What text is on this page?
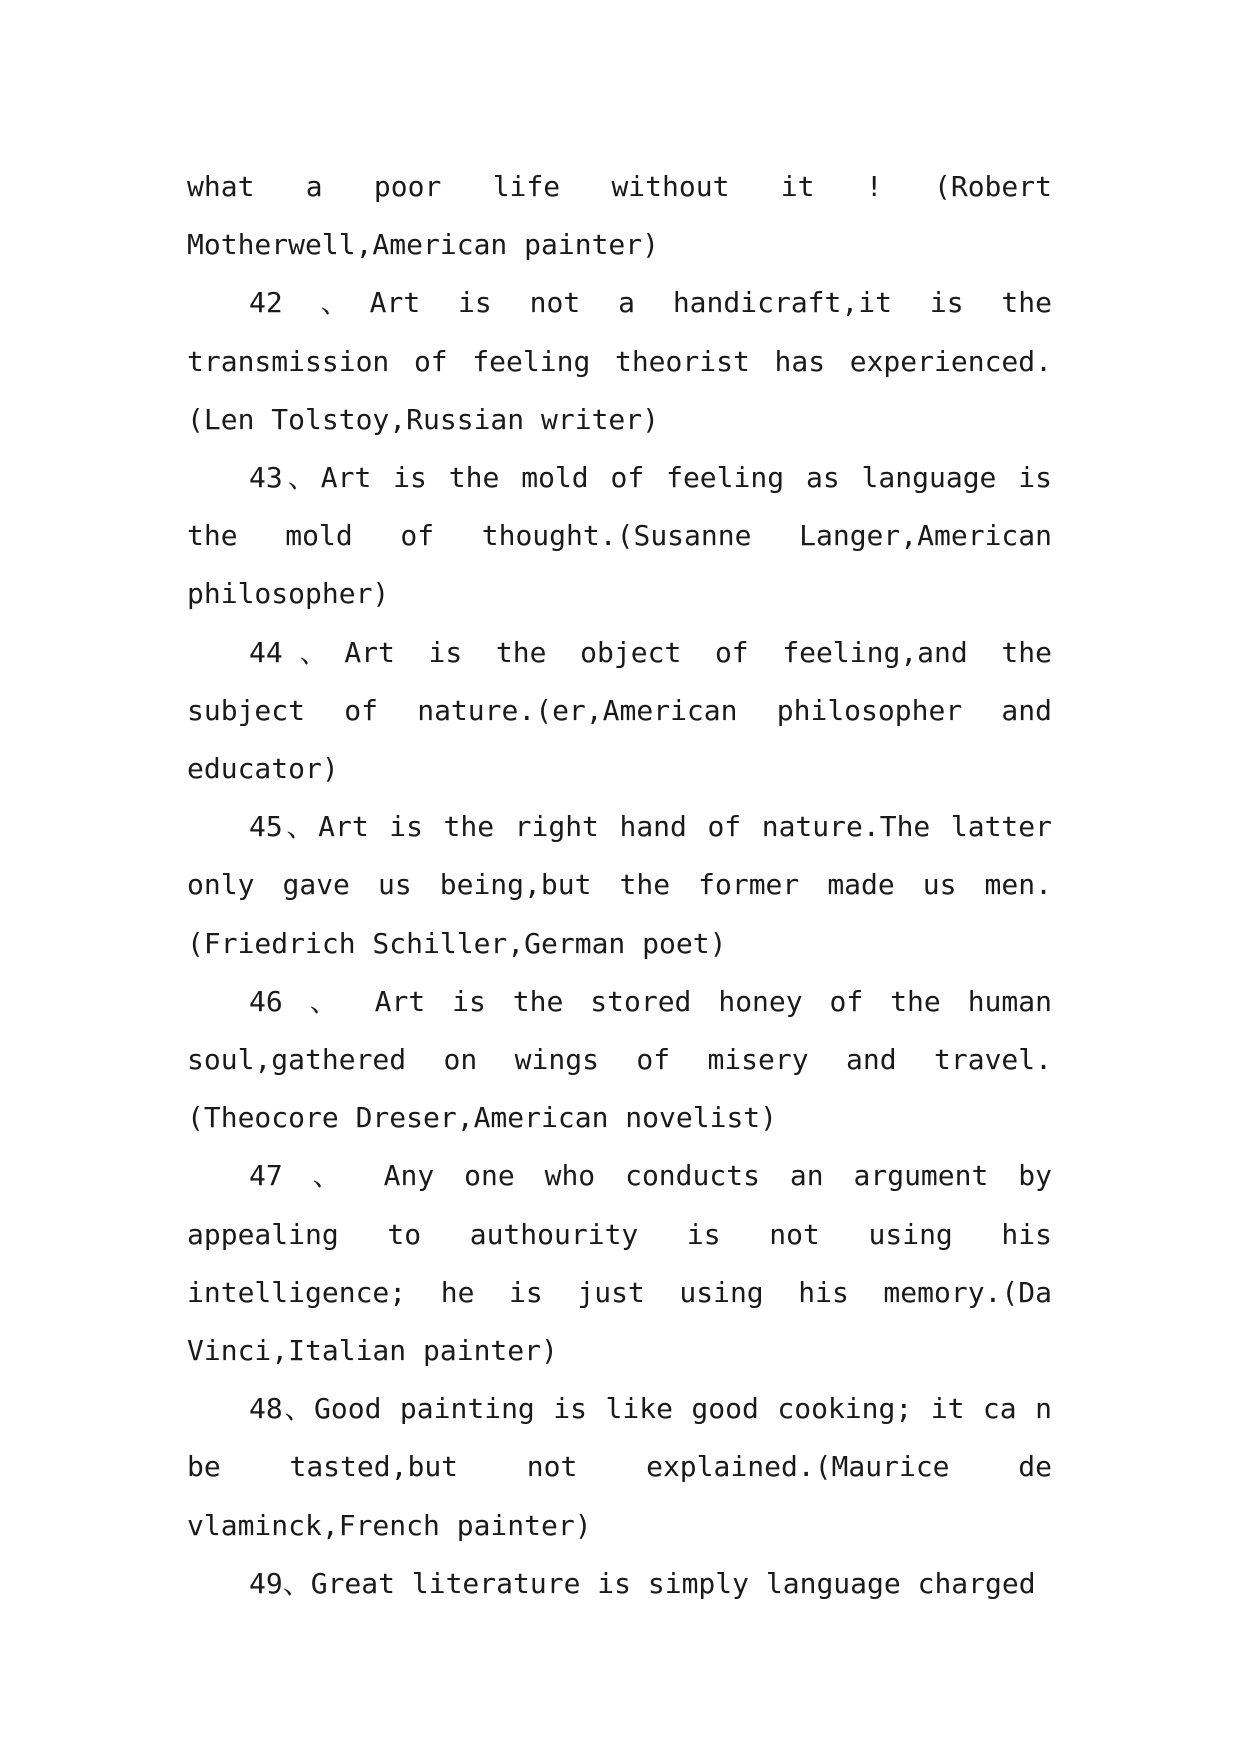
what a poor life without it ! (Robert Motherwell,American painter)

42 、Art is not a handicraft,it is the transmission of feeling theorist has experienced.(Len Tolstoy,Russian writer)

43、Art is the mold of feeling as language is the mold of thought.(Susanne Langer,American philosopher)

44、Art is the object of feeling,and the subject of nature.(er,American philosopher and educator)

45、Art is the right hand of nature.The latter only gave us being,but the former made us men.(Friedrich Schiller,German poet)

46 、 Art is the stored honey of the human soul,gathered on wings of misery and travel.(Theocore Dreser,American novelist)

47 、 Any one who conducts an argument by appealing to authourity is not using his intelligence; he is just using his memory.(Da Vinci,Italian painter)

48、Good painting is like good cooking; it ca n be tasted,but not explained.(Maurice de vlaminck,French painter)

49、Great literature is simply language charged
